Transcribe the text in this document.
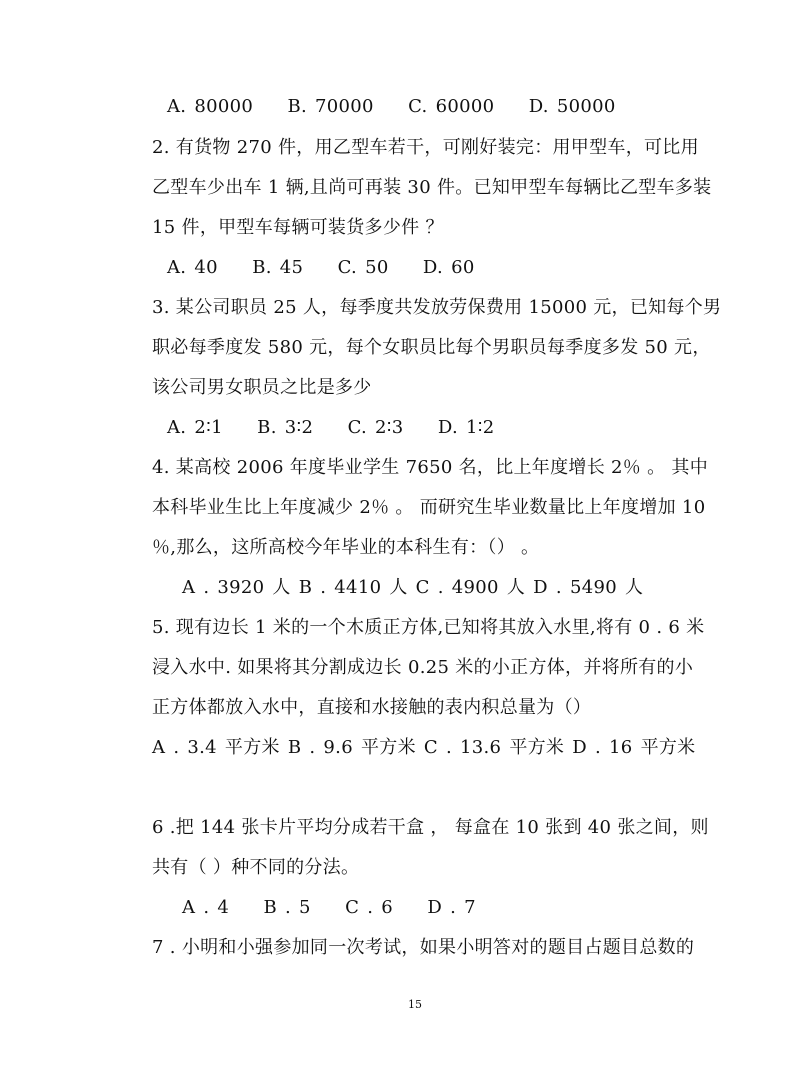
A. 80000 　 B. 70000 　 C. 60000 　 D. 50000
2. 有货物 270 件，用乙型车若干，可刚好装完：用甲型车，可比用
乙型车少出车 1 辆,且尚可再装 30 件。已知甲型车每辆比乙型车多装
15 件，甲型车每辆可装货多少件 ？
A. 40 　 B. 45 　 C. 50 　 D. 60
3. 某公司职员 25 人，每季度共发放劳保费用 15000 元，已知每个男
职必每季度发 580 元，每个女职员比每个男职员每季度多发 50 元，
该公司男女职员之比是多少
A. 2∶1 　 B. 3∶2 　 C. 2∶3 　 D. 1∶2
4. 某高校 2006 年度毕业学生 7650 名，比上年度增长 2％ 。 其中
本科毕业生比上年度减少 2％ 。 而研究生毕业数量比上年度增加 10
％,那么，这所高校今年毕业的本科生有：（） 。
A . 3920 人 B . 4410 人 C . 4900 人 D . 5490 人
5. 现有边长 1 米的一个木质正方体,已知将其放入水里,将有 0 . 6 米
浸入水中. 如果将其分割成边长 0.25 米的小正方体，并将所有的小
正方体都放入水中，直接和水接触的表内积总量为（）
A . 3.4 平方米 B . 9.6 平方米 C . 13.6 平方米 D . 16 平方米
6 .把 144 张卡片平均分成若干盒 ， 每盒在 10 张到 40 张之间，则
共有（ ）种不同的分法。
A . 4 　 B . 5 　 C . 6 　 D . 7
7 . 小明和小强参加同一次考试，如果小明答对的题目占题目总数的
15
